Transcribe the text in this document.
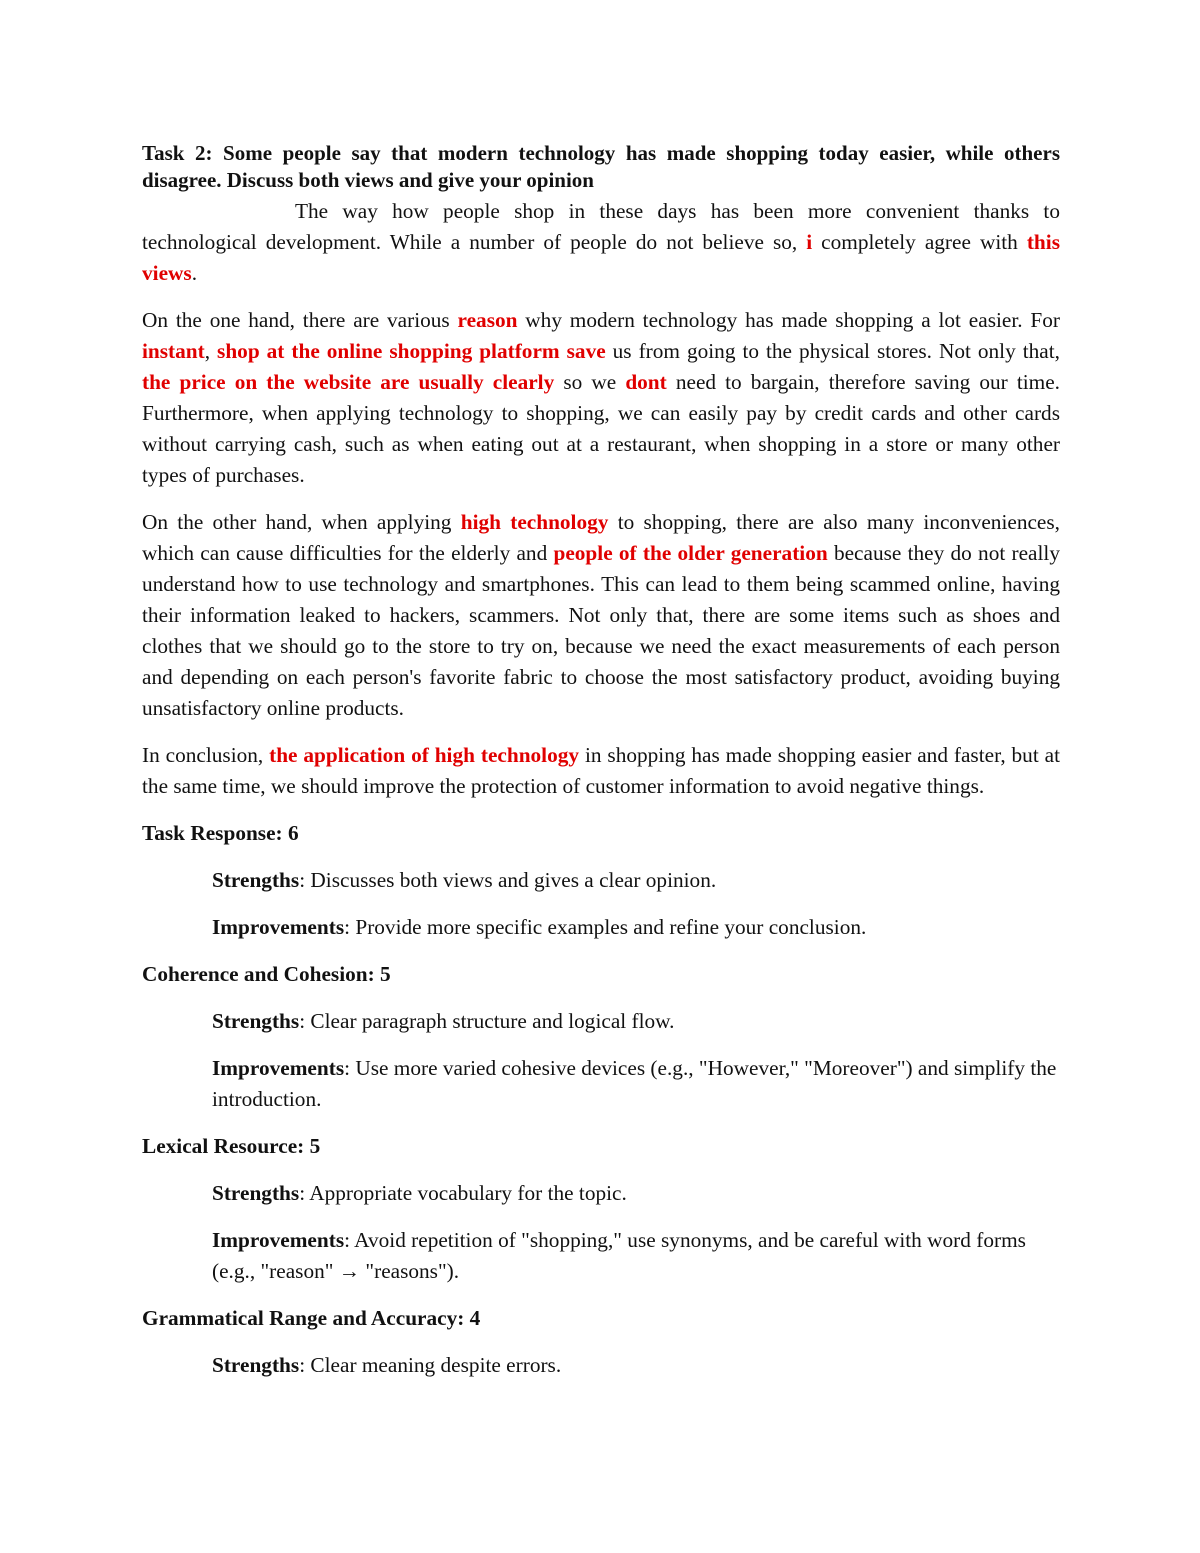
Task 2: Some people say that modern technology has made shopping today easier, while others disagree. Discuss both views and give your opinion

The way how people shop in these days has been more convenient thanks to technological development. While a number of people do not believe so, i completely agree with this views.

On the one hand, there are various reason why modern technology has made shopping a lot easier. For instant, shop at the online shopping platform save us from going to the physical stores. Not only that, the price on the website are usually clearly so we dont need to bargain, therefore saving our time. Furthermore, when applying technology to shopping, we can easily pay by credit cards and other cards without carrying cash, such as when eating out at a restaurant, when shopping in a store or many other types of purchases.

On the other hand, when applying high technology to shopping, there are also many inconveniences, which can cause difficulties for the elderly and people of the older generation because they do not really understand how to use technology and smartphones. This can lead to them being scammed online, having their information leaked to hackers, scammers. Not only that, there are some items such as shoes and clothes that we should go to the store to try on, because we need the exact measurements of each person and depending on each person's favorite fabric to choose the most satisfactory product, avoiding buying unsatisfactory online products.

In conclusion, the application of high technology in shopping has made shopping easier and faster, but at the same time, we should improve the protection of customer information to avoid negative things.

Task Response: 6

Strengths: Discusses both views and gives a clear opinion.

Improvements: Provide more specific examples and refine your conclusion.

Coherence and Cohesion: 5

Strengths: Clear paragraph structure and logical flow.

Improvements: Use more varied cohesive devices (e.g., "However," "Moreover") and simplify the introduction.

Lexical Resource: 5

Strengths: Appropriate vocabulary for the topic.

Improvements: Avoid repetition of "shopping," use synonyms, and be careful with word forms (e.g., "reason" → "reasons").

Grammatical Range and Accuracy: 4

Strengths: Clear meaning despite errors.
